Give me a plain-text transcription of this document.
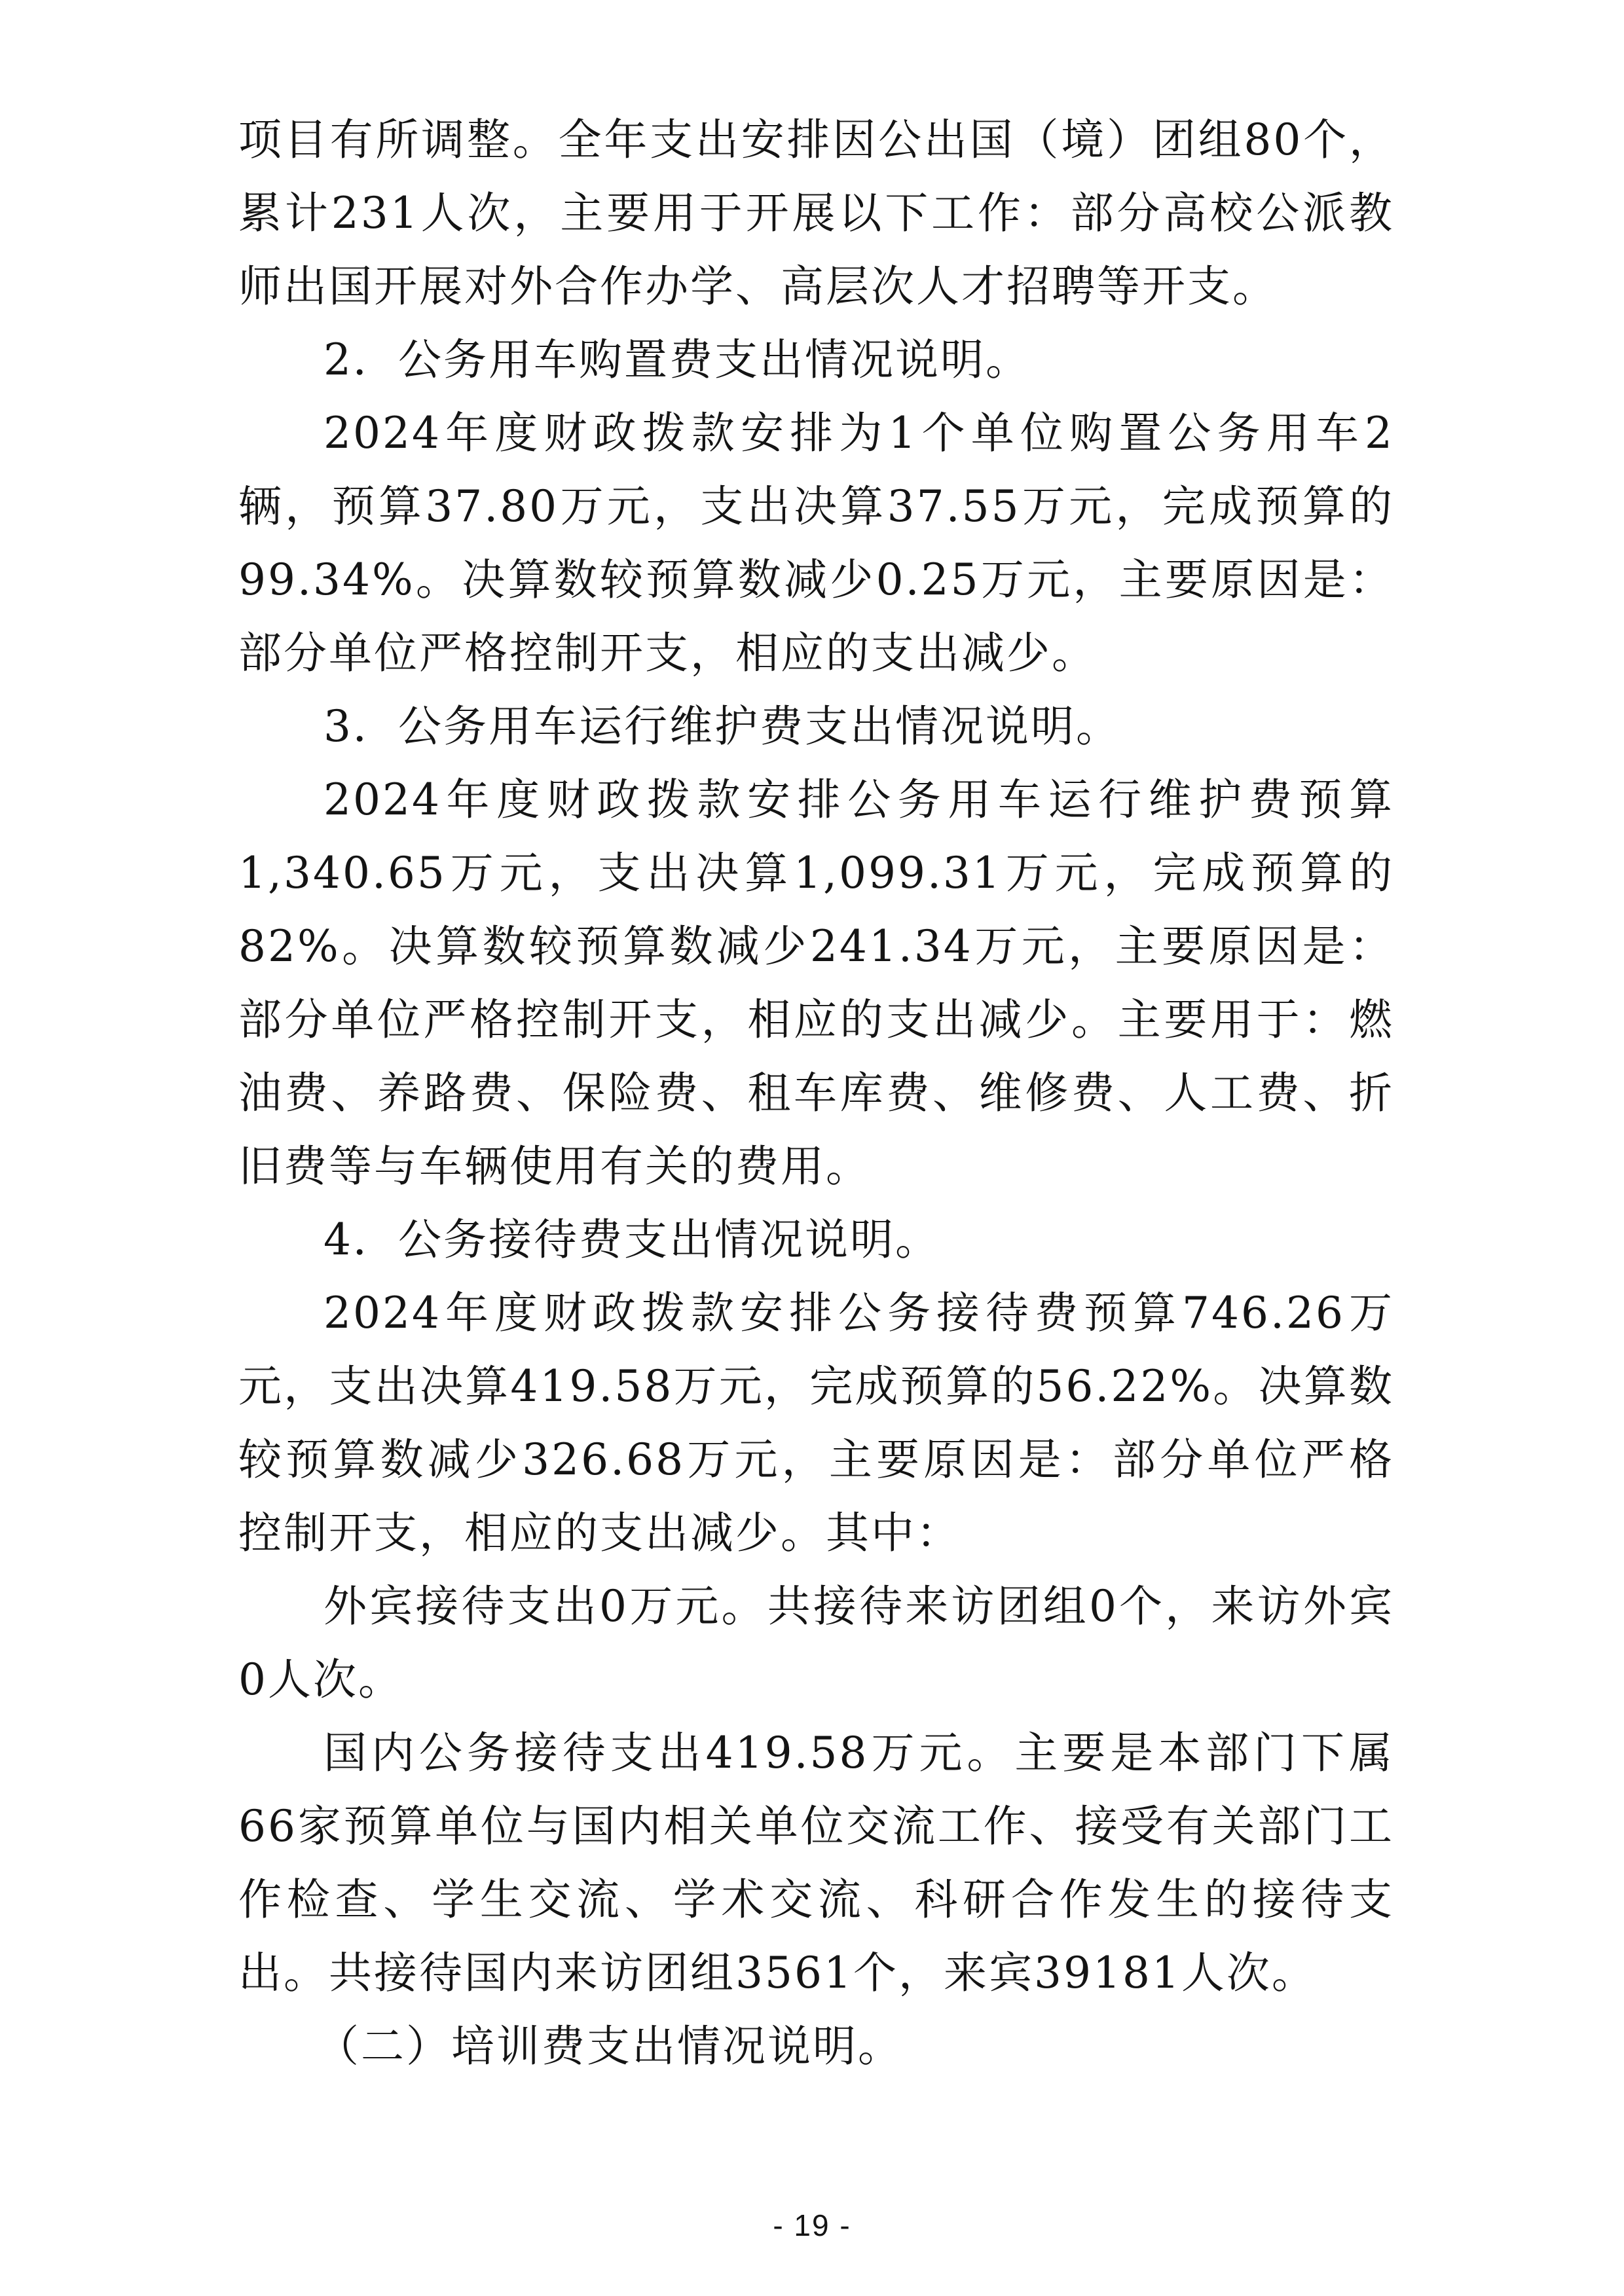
项目有所调整。全年支出安排因公出国（境）团组80个，累计231人次，主要用于开展以下工作：部分高校公派教师出国开展对外合作办学、高层次人才招聘等开支。

2．公务用车购置费支出情况说明。

2024年度财政拨款安排为1个单位购置公务用车2辆，预算37.80万元，支出决算37.55万元，完成预算的99.34%。决算数较预算数减少0.25万元，主要原因是：部分单位严格控制开支，相应的支出减少。

3．公务用车运行维护费支出情况说明。

2024年度财政拨款安排公务用车运行维护费预算1,340.65万元，支出决算1,099.31万元，完成预算的82%。决算数较预算数减少241.34万元，主要原因是：部分单位严格控制开支，相应的支出减少。主要用于：燃油费、养路费、保险费、租车库费、维修费、人工费、折旧费等与车辆使用有关的费用。

4．公务接待费支出情况说明。

2024年度财政拨款安排公务接待费预算746.26万元，支出决算419.58万元，完成预算的56.22%。决算数较预算数减少326.68万元，主要原因是：部分单位严格控制开支，相应的支出减少。其中：

外宾接待支出0万元。共接待来访团组0个，来访外宾0人次。

国内公务接待支出419.58万元。主要是本部门下属66家预算单位与国内相关单位交流工作、接受有关部门工作检查、学生交流、学术交流、科研合作发生的接待支出。共接待国内来访团组3561个，来宾39181人次。

（二）培训费支出情况说明。

- 19 -
